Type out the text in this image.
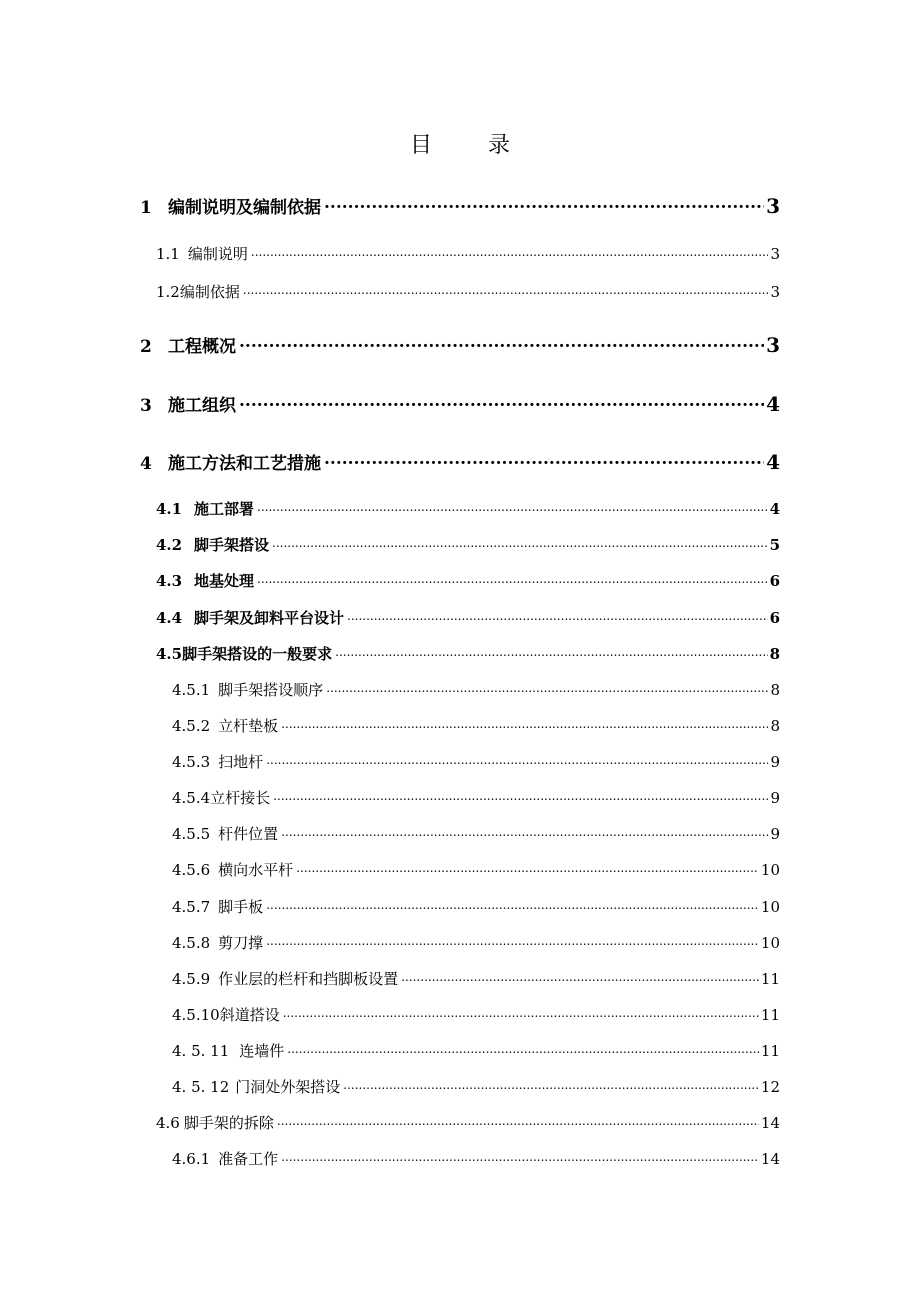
目录
1 编制说明及编制依据 .....	3
1.1 编制说明 .....	3
1.2 编制依据 .....	3
2 工程概况 .....	3
3 施工组织 .....	4
4 施工方法和工艺措施 .....	4
4.1 施工部署 .....	4
4.2 脚手架搭设 .....	5
4.3 地基处理 .....	6
4.4 脚手架及卸料平台设计 .....	6
4.5 脚手架搭设的一般要求 .....	8
4.5.1 脚手架搭设顺序 .....	8
4.5.2 立杆垫板 .....	8
4.5.3 扫地杆 .....	9
4.5.4 立杆接长 .....	9
4.5.5 杆件位置 .....	9
4.5.6 横向水平杆 .....	10
4.5.7 脚手板 .....	10
4.5.8 剪刀撑 .....	10
4.5.9 作业层的栏杆和挡脚板设置 .....	11
4.5.10 斜道搭设 .....	11
4. 5. 11 连墙件 .....	11
4. 5. 12 门洞处外架搭设 .....	12
4.6 脚手架的拆除 .....	14
4.6.1 准备工作 .....	14
